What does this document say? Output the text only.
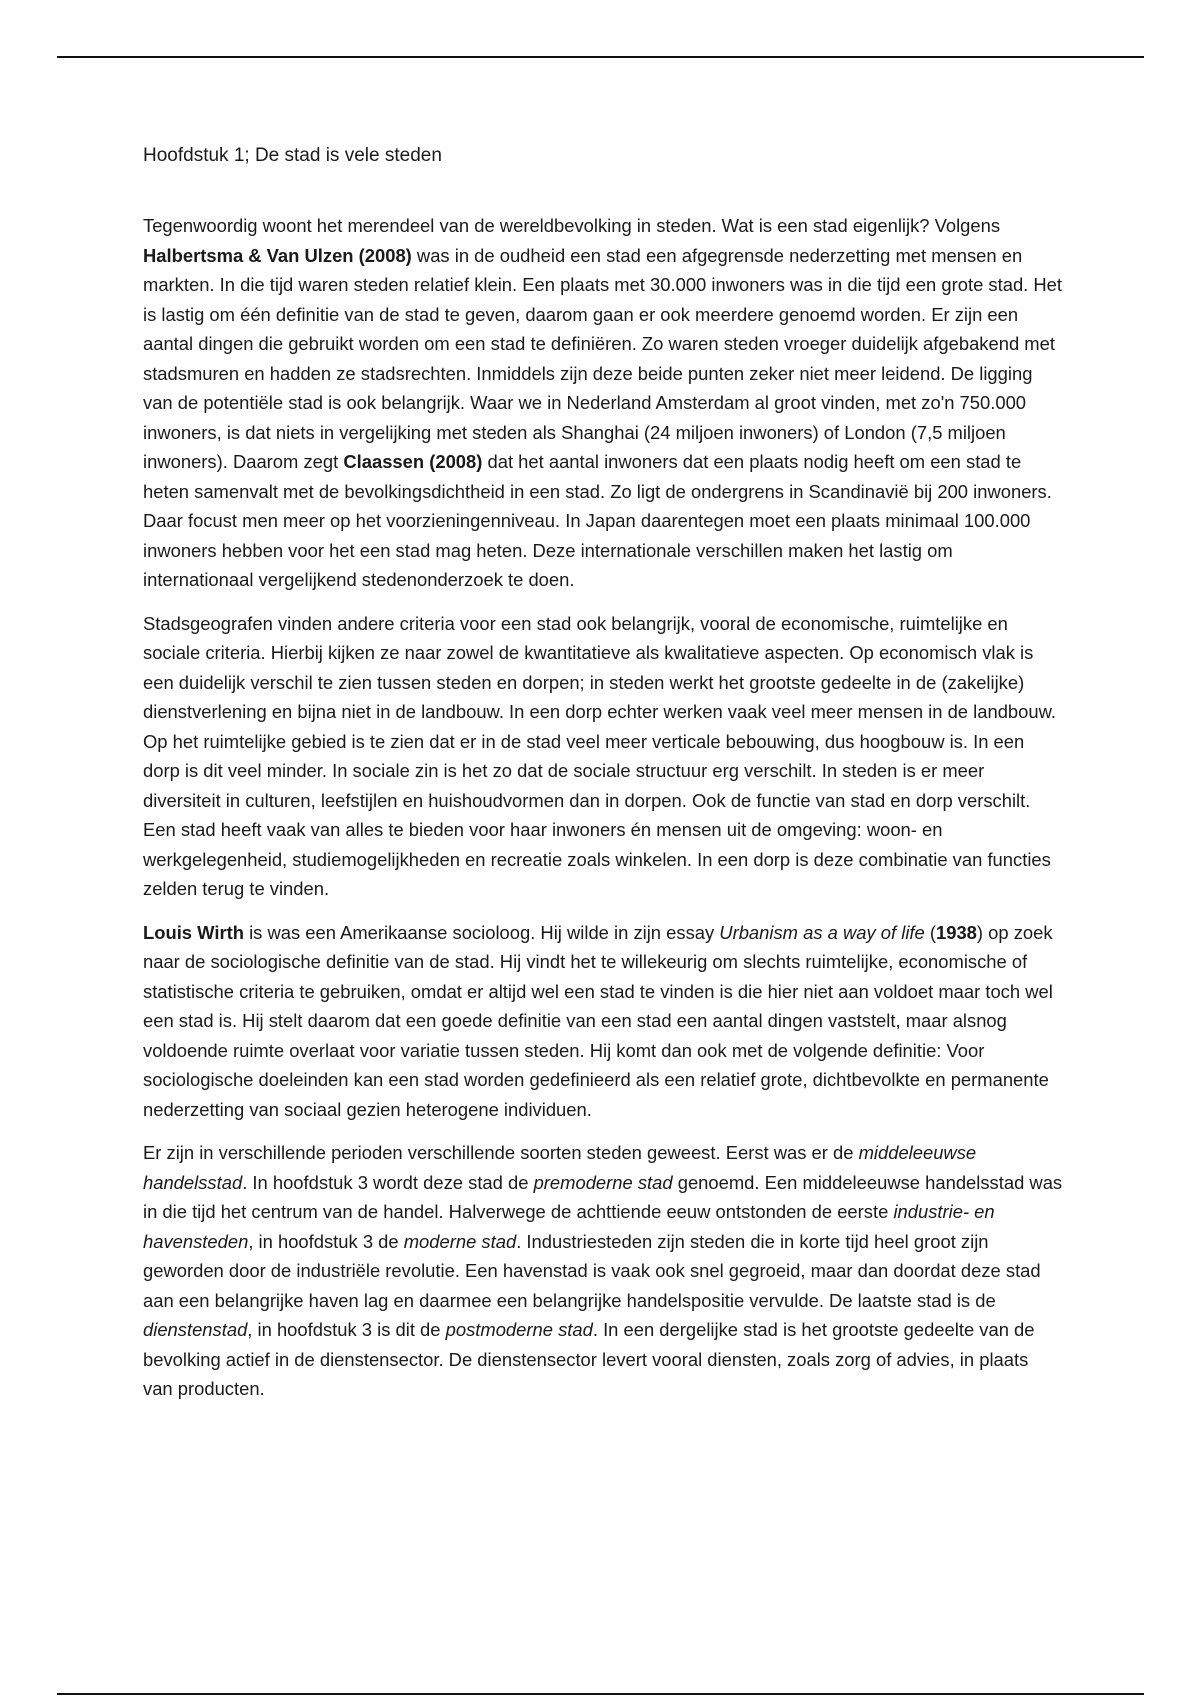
Hoofdstuk 1; De stad is vele steden

Tegenwoordig woont het merendeel van de wereldbevolking in steden. Wat is een stad eigenlijk? Volgens Halbertsma & Van Ulzen (2008) was in de oudheid een stad een afgegrensde nederzetting met mensen en markten. In die tijd waren steden relatief klein. Een plaats met 30.000 inwoners was in die tijd een grote stad. Het is lastig om één definitie van de stad te geven, daarom gaan er ook meerdere genoemd worden. Er zijn een aantal dingen die gebruikt worden om een stad te definiëren. Zo waren steden vroeger duidelijk afgebakend met stadsmuren en hadden ze stadsrechten. Inmiddels zijn deze beide punten zeker niet meer leidend. De ligging van de potentiële stad is ook belangrijk. Waar we in Nederland Amsterdam al groot vinden, met zo'n 750.000 inwoners, is dat niets in vergelijking met steden als Shanghai (24 miljoen inwoners) of London (7,5 miljoen inwoners). Daarom zegt Claassen (2008) dat het aantal inwoners dat een plaats nodig heeft om een stad te heten samenvalt met de bevolkingsdichtheid in een stad. Zo ligt de ondergrens in Scandinavië bij 200 inwoners. Daar focust men meer op het voorzieningenniveau. In Japan daarentegen moet een plaats minimaal 100.000 inwoners hebben voor het een stad mag heten. Deze internationale verschillen maken het lastig om internationaal vergelijkend stedenonderzoek te doen.

Stadsgeografen vinden andere criteria voor een stad ook belangrijk, vooral de economische, ruimtelijke en sociale criteria. Hierbij kijken ze naar zowel de kwantitatieve als kwalitatieve aspecten. Op economisch vlak is een duidelijk verschil te zien tussen steden en dorpen; in steden werkt het grootste gedeelte in de (zakelijke) dienstverlening en bijna niet in de landbouw. In een dorp echter werken vaak veel meer mensen in de landbouw. Op het ruimtelijke gebied is te zien dat er in de stad veel meer verticale bebouwing, dus hoogbouw is. In een dorp is dit veel minder. In sociale zin is het zo dat de sociale structuur erg verschilt. In steden is er meer diversiteit in culturen, leefstijlen en huishoudvormen dan in dorpen. Ook de functie van stad en dorp verschilt. Een stad heeft vaak van alles te bieden voor haar inwoners én mensen uit de omgeving: woon- en werkgelegenheid, studiemogelijkheden en recreatie zoals winkelen. In een dorp is deze combinatie van functies zelden terug te vinden.

Louis Wirth is was een Amerikaanse socioloog. Hij wilde in zijn essay Urbanism as a way of life (1938) op zoek naar de sociologische definitie van de stad. Hij vindt het te willekeurig om slechts ruimtelijke, economische of statistische criteria te gebruiken, omdat er altijd wel een stad te vinden is die hier niet aan voldoet maar toch wel een stad is. Hij stelt daarom dat een goede definitie van een stad een aantal dingen vaststelt, maar alsnog voldoende ruimte overlaat voor variatie tussen steden. Hij komt dan ook met de volgende definitie: Voor sociologische doeleinden kan een stad worden gedefinieerd als een relatief grote, dichtbevolkte en permanente nederzetting van sociaal gezien heterogene individuen.

Er zijn in verschillende perioden verschillende soorten steden geweest. Eerst was er de middeleeuwse handelsstad. In hoofdstuk 3 wordt deze stad de premoderne stad genoemd. Een middeleeuwse handelsstad was in die tijd het centrum van de handel. Halverwege de achttiende eeuw ontstonden de eerste industrie- en havensteden, in hoofdstuk 3 de moderne stad. Industriesteden zijn steden die in korte tijd heel groot zijn geworden door de industriële revolutie. Een havenstad is vaak ook snel gegroeid, maar dan doordat deze stad aan een belangrijke haven lag en daarmee een belangrijke handelspositie vervulde. De laatste stad is de dienstenstad, in hoofdstuk 3 is dit de postmoderne stad. In een dergelijke stad is het grootste gedeelte van de bevolking actief in de dienstensector. De dienstensector levert vooral diensten, zoals zorg of advies, in plaats van producten.
